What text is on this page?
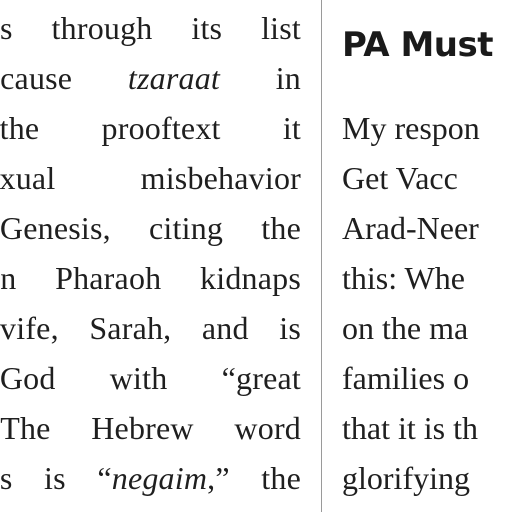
s through its list
cause tzaraat in
the prooftext it
xual misbehavior
Genesis, citing the
n Pharaoh kidnaps
vife, Sarah, and is
God with “great
The Hebrew word
s is “negaim,” the
PA Must
My respon
Get Vacc
Arad-Neer
this: Whe
on the ma
families o
that it is th
glorifying
